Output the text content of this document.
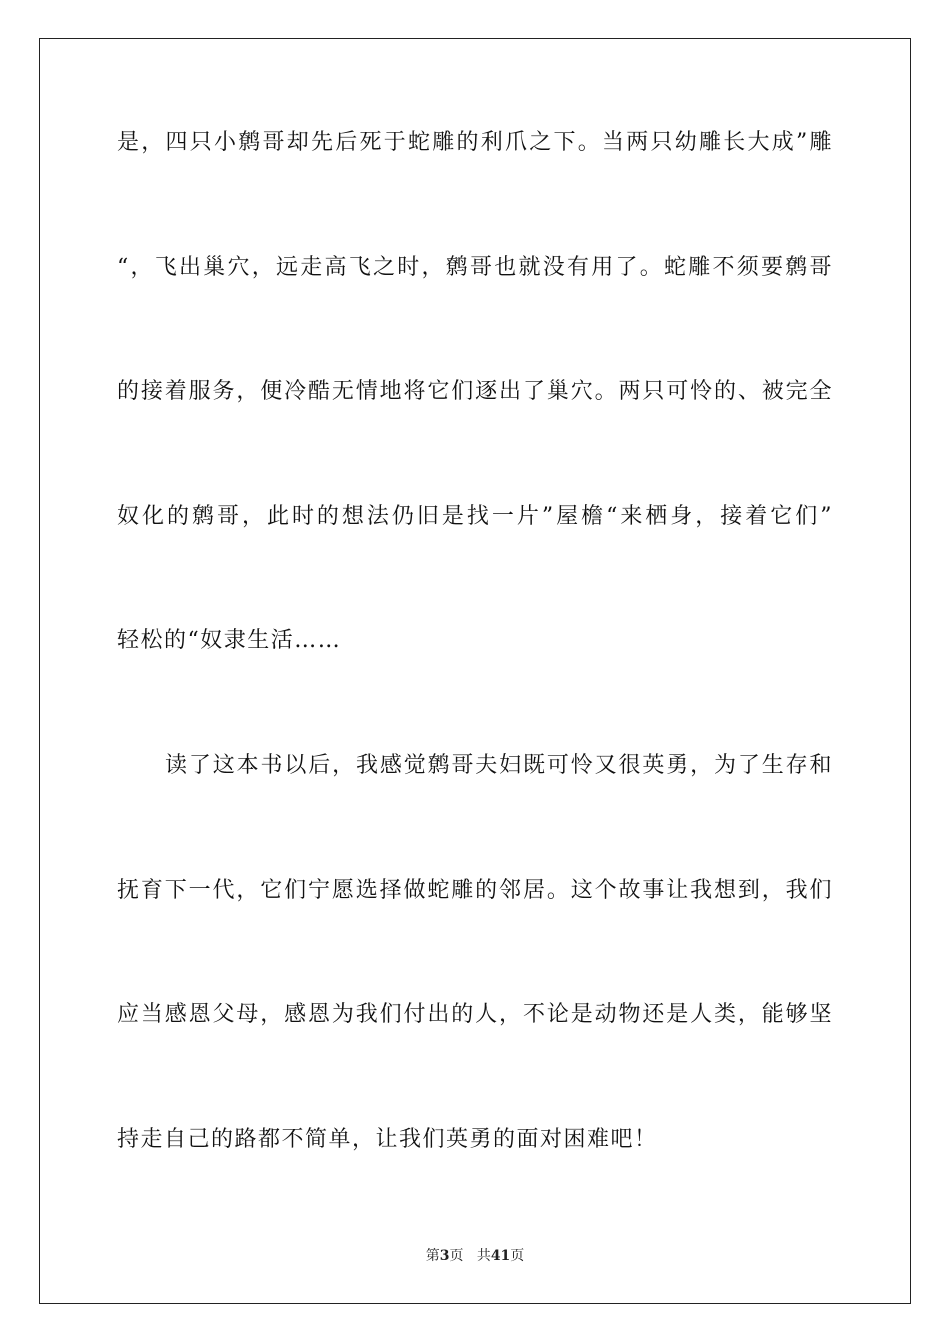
是，四只小鹩哥却先后死于蛇雕的利爪之下。当两只幼雕长大成”雕
“，飞出巢穴，远走高飞之时，鹩哥也就没有用了。蛇雕不须要鹩哥
的接着服务，便冷酷无情地将它们逐出了巢穴。两只可怜的、被完全
奴化的鹩哥，此时的想法仍旧是找一片”屋檐“来栖身，接着它们”
轻松的“奴隶生活……
读了这本书以后，我感觉鹩哥夫妇既可怜又很英勇，为了生存和
抚育下一代，它们宁愿选择做蛇雕的邻居。这个故事让我想到，我们
应当感恩父母，感恩为我们付出的人，不论是动物还是人类，能够坚
持走自己的路都不简单，让我们英勇的面对困难吧！
第3页 共41页
